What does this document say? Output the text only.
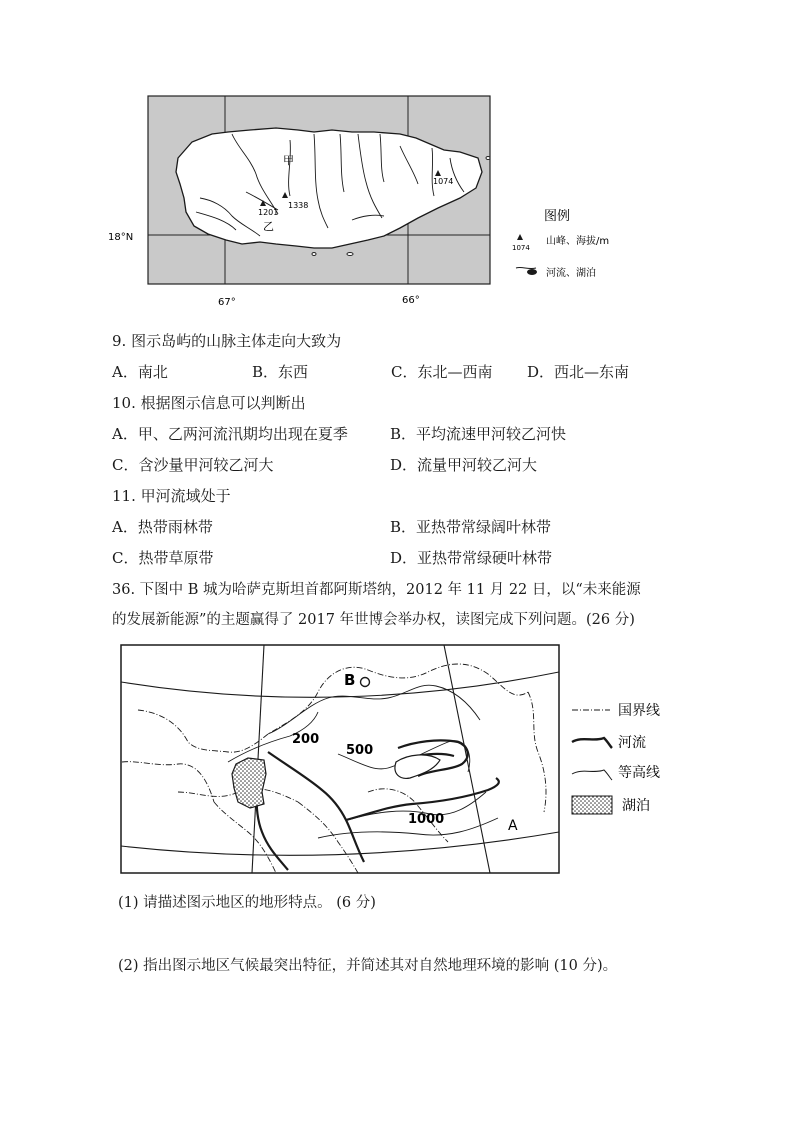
1201
1338
1074
甲
乙
18°N
67°	66°
图例
1074
山峰、海拔/m
河流、湖泊
9. 图示岛屿的山脉主体走向大致为
A．南北	B．东西	C．东北—西南 D．西北—东南
10. 根据图示信息可以判断出
A．甲、乙两河流汛期均出现在夏季	B．平均流速甲河较乙河快
C．含沙量甲河较乙河大	D．流量甲河较乙河大
11. 甲河流域处于
A．热带雨林带	B．亚热带常绿阔叶林带
C．热带草原带	D．亚热带常绿硬叶林带
36. 下图中 B 城为哈萨克斯坦首都阿斯塔纳，2012 年 11 月 22 日，以“未来能源
的发展新能源”的主题赢得了 2017 年世博会举办权，读图完成下列问题。(26 分)
B
200
500
1000	A
国界线
河流
等高线
湖泊
(1) 请描述图示地区的地形特点。 (6 分)
(2) 指出图示地区气候最突出特征，并简述其对自然地理环境的影响 (10 分)。
